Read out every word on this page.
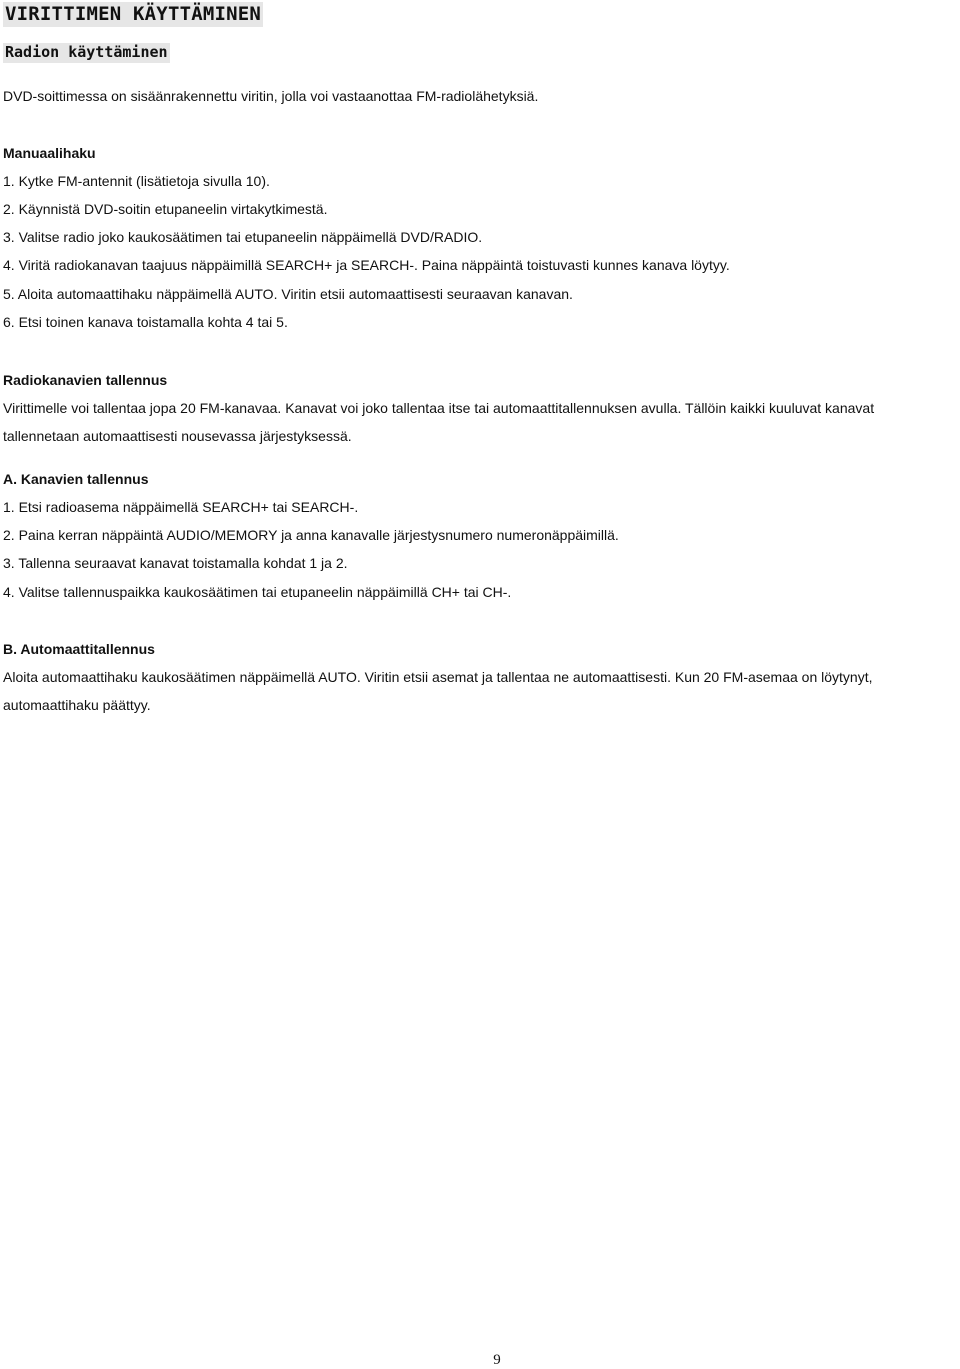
VIRITTIMEN KÄYTTÄMINEN
Radion käyttäminen
DVD-soittimessa on sisäänrakennettu viritin, jolla voi vastaanottaa FM-radiolähetyksiä.
Manuaalihaku
1. Kytke FM-antennit (lisätietoja sivulla 10).
2. Käynnistä DVD-soitin etupaneelin virtakytkimestä.
3. Valitse radio joko kaukosäätimen tai etupaneelin näppäimellä DVD/RADIO.
4. Viritä radiokanavan taajuus näppäimillä SEARCH+ ja SEARCH-. Paina näppäintä toistuvasti kunnes kanava löytyy.
5. Aloita automaattihaku näppäimellä AUTO. Viritin etsii automaattisesti seuraavan kanavan.
6. Etsi toinen kanava toistamalla kohta 4 tai 5.
Radiokanavien tallennus
Virittimelle voi tallentaa jopa 20 FM-kanavaa. Kanavat voi joko tallentaa itse tai automaattitallennuksen avulla. Tällöin kaikki kuuluvat kanavat
tallennetaan automaattisesti nousevassa järjestyksessä.
A. Kanavien tallennus
1. Etsi radioasema näppäimellä SEARCH+ tai SEARCH-.
2. Paina kerran näppäintä AUDIO/MEMORY ja anna kanavalle järjestysnumero numeronäppäimillä.
3. Tallenna seuraavat kanavat toistamalla kohdat 1 ja 2.
4. Valitse tallennuspaikka kaukosäätimen tai etupaneelin näppäimillä CH+ tai CH-.
B. Automaattitallennus
Aloita automaattihaku kaukosäätimen näppäimellä AUTO. Viritin etsii asemat ja tallentaa ne automaattisesti. Kun 20 FM-asemaa on löytynyt,
automaattihaku päättyy.
9
